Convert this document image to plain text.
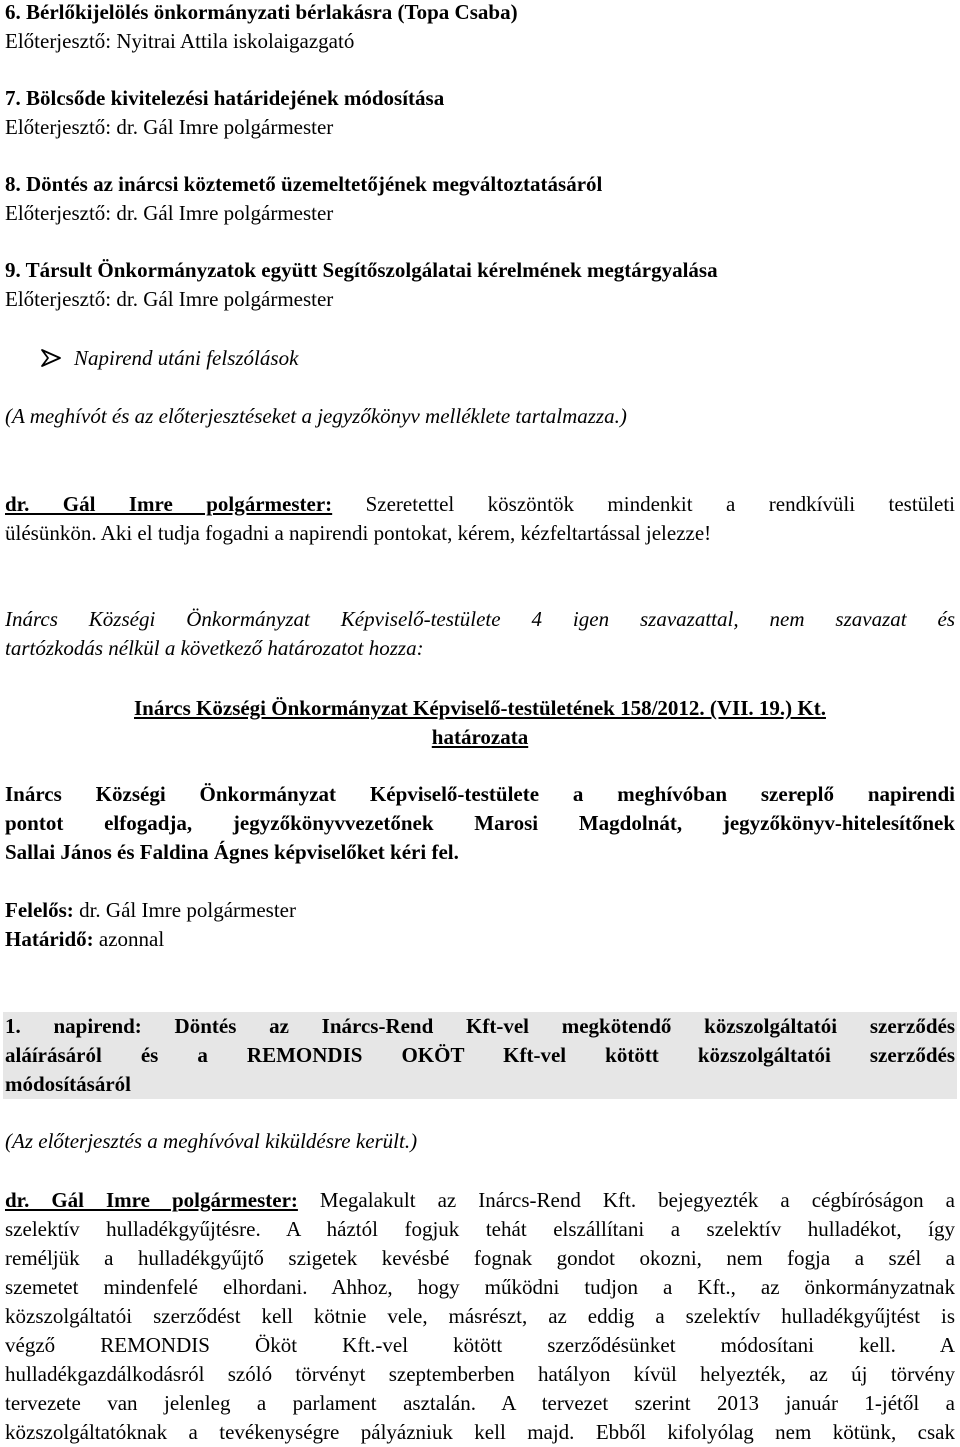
6. Bérlőkijelölés önkormányzati bérlakásra (Topa Csaba)
Előterjesztő: Nyitrai Attila iskolaigazgató
7. Bölcsőde kivitelezési határidejének módosítása
Előterjesztő: dr. Gál Imre polgármester
8. Döntés az inárcsi köztemető üzemeltetőjének megváltoztatásáról
Előterjesztő: dr. Gál Imre polgármester
9. Társult Önkormányzatok együtt Segítőszolgálatai kérelmének megtárgyalása
Előterjesztő: dr. Gál Imre polgármester
Napirend utáni felszólások
(A meghívót és az előterjesztéseket a jegyzőkönyv melléklete tartalmazza.)
dr. Gál Imre polgármester: Szeretettel köszöntök mindenkit a rendkívüli testületi
ülésünkön. Aki el tudja fogadni a napirendi pontokat, kérem, kézfeltartással jelezze!
Inárcs Községi Önkormányzat Képviselő-testülete 4 igen szavazattal, nem szavazat és
tartózkodás nélkül a következő határozatot hozza:
Inárcs Községi Önkormányzat Képviselő-testületének 158/2012. (VII. 19.) Kt.
határozata
Inárcs Községi Önkormányzat Képviselő-testülete a meghívóban szereplő napirendi
pontot elfogadja, jegyzőkönyvvezetőnek Marosi Magdolnát, jegyzőkönyv-hitelesítőnek
Sallai János és Faldina Ágnes képviselőket kéri fel.
Felelős: dr. Gál Imre polgármester
Határidő: azonnal
1. napirend: Döntés az Inárcs-Rend Kft-vel megkötendő közszolgáltatói szerződés
aláírásáról és a REMONDIS OKÖT Kft-vel kötött közszolgáltatói szerződés
módosításáról
(Az előterjesztés a meghívóval kiküldésre került.)
dr. Gál Imre polgármester: Megalakult az Inárcs-Rend Kft. bejegyezték a cégbíróságon a
szelektív hulladékgyűjtésre. A háztól fogjuk tehát elszállítani a szelektív hulladékot, így
reméljük a hulladékgyűjtő szigetek kevésbé fognak gondot okozni, nem fogja a szél a
szemetet mindenfelé elhordani. Ahhoz, hogy működni tudjon a Kft., az önkormányzatnak
közszolgáltatói szerződést kell kötnie vele, másrészt, az eddig a szelektív hulladékgyűjtést is
végző REMONDIS Ököt Kft.-vel kötött szerződésünket módosítani kell. A
hulladékgazdálkodásról szóló törvényt szeptemberben hatályon kívül helyezték, az új törvény
tervezete van jelenleg a parlament asztalán. A tervezet szerint 2013 január 1-jétől a
közszolgáltatóknak a tevékenységre pályázniuk kell majd. Ebből kifolyólag nem kötünk, csak
